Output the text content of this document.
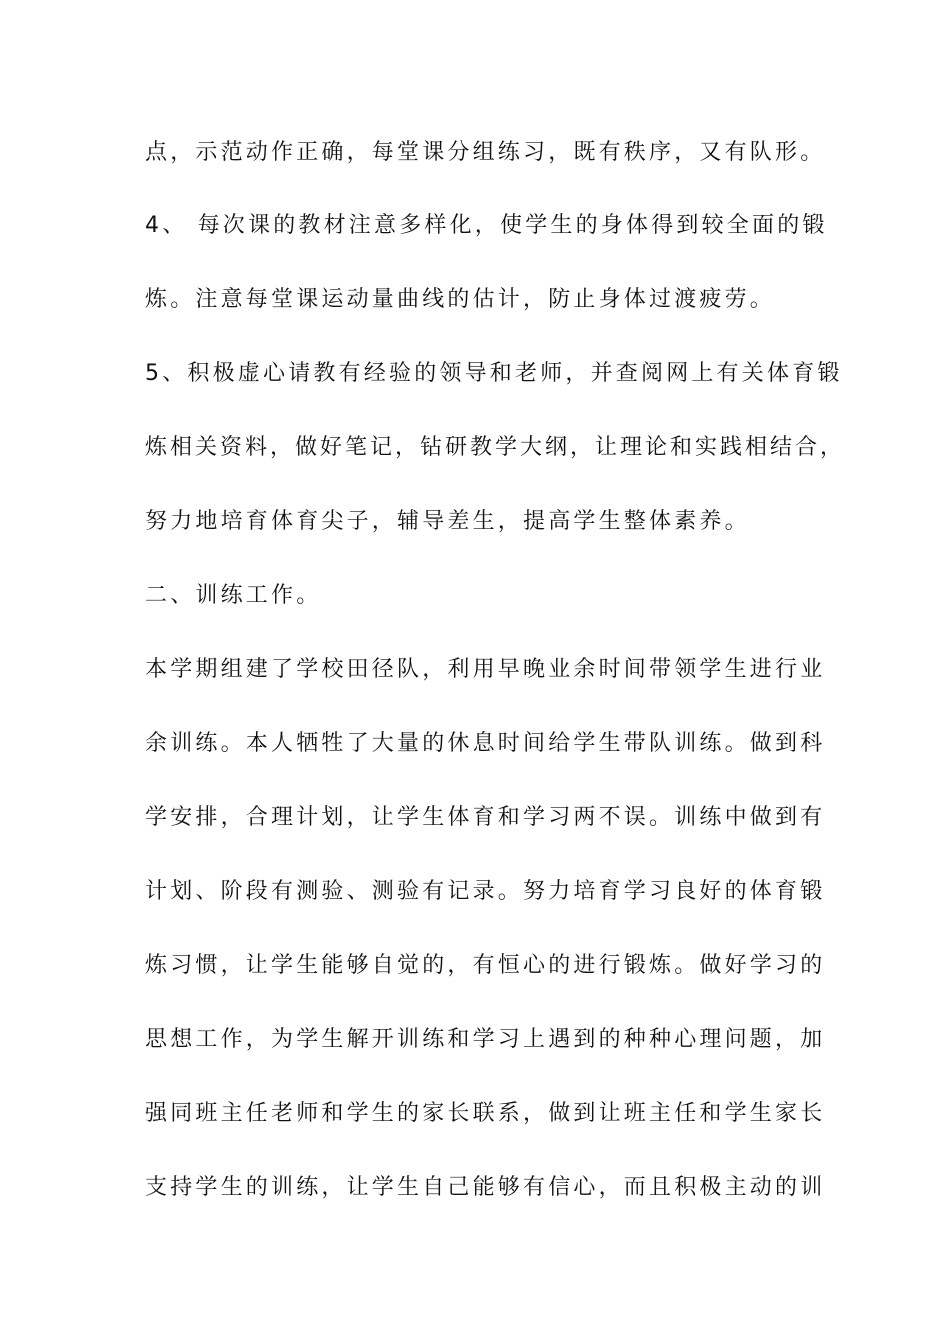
点，示范动作正确，每堂课分组练习，既有秩序，又有队形。
4、 每次课的教材注意多样化，使学生的身体得到较全面的锻
炼。注意每堂课运动量曲线的估计，防止身体过渡疲劳。
5、积极虚心请教有经验的领导和老师，并查阅网上有关体育锻
炼相关资料，做好笔记，钻研教学大纲，让理论和实践相结合，
努力地培育体育尖子，辅导差生，提高学生整体素养。
二、训练工作。
本学期组建了学校田径队，利用早晚业余时间带领学生进行业
余训练。本人牺牲了大量的休息时间给学生带队训练。做到科
学安排，合理计划，让学生体育和学习两不误。训练中做到有
计划、阶段有测验、测验有记录。努力培育学习良好的体育锻
炼习惯，让学生能够自觉的，有恒心的进行锻炼。做好学习的
思想工作，为学生解开训练和学习上遇到的种种心理问题，加
强同班主任老师和学生的家长联系，做到让班主任和学生家长
支持学生的训练，让学生自己能够有信心，而且积极主动的训
